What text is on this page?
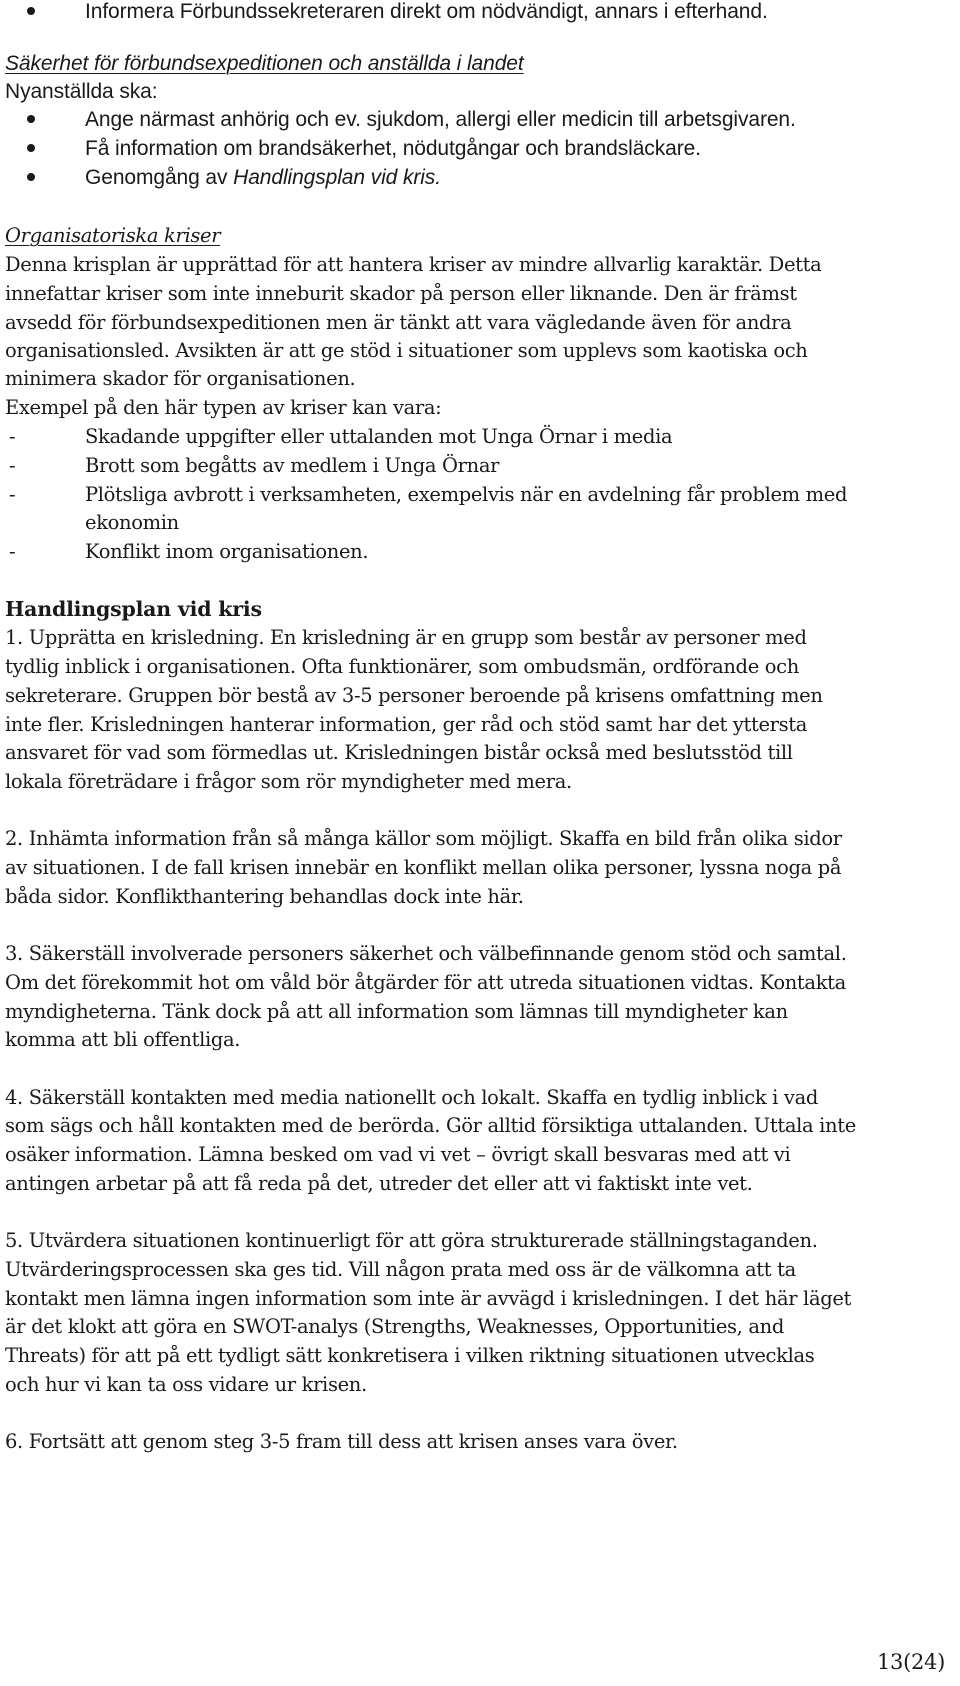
Informera Förbundssekreteraren direkt om nödvändigt, annars i efterhand.
Säkerhet för förbundsexpeditionen och anställda i landet
Nyanställda ska:
Ange närmast anhörig och ev. sjukdom, allergi eller medicin till arbetsgivaren.
Få information om brandsäkerhet, nödutgångar och brandsläckare.
Genomgång av Handlingsplan vid kris.
Organisatoriska kriser
Denna krisplan är upprättad för att hantera kriser av mindre allvarlig karaktär. Detta
innefattar kriser som inte inneburit skador på person eller liknande. Den är främst
avsedd för förbundsexpeditionen men är tänkt att vara vägledande även för andra
organisationsled. Avsikten är att ge stöd i situationer som upplevs som kaotiska och
minimera skador för organisationen.
Exempel på den här typen av kriser kan vara:
-	Skadande uppgifter eller uttalanden mot Unga Örnar i media
-	Brott som begåtts av medlem i Unga Örnar
-	Plötsliga avbrott i verksamheten, exempelvis när en avdelning får problem med
ekonomin
-	Konflikt inom organisationen.
Handlingsplan vid kris
1. Upprätta en krisledning. En krisledning är en grupp som består av personer med
tydlig inblick i organisationen. Ofta funktionärer, som ombudsmän, ordförande och
sekreterare. Gruppen bör bestå av 3-5 personer beroende på krisens omfattning men
inte fler. Krisledningen hanterar information, ger råd och stöd samt har det yttersta
ansvaret för vad som förmedlas ut. Krisledningen bistår också med beslutsstöd till
lokala företrädare i frågor som rör myndigheter med mera.
2. Inhämta information från så många källor som möjligt. Skaffa en bild från olika sidor
av situationen. I de fall krisen innebär en konflikt mellan olika personer, lyssna noga på
båda sidor. Konflikthantering behandlas dock inte här.
3. Säkerställ involverade personers säkerhet och välbefinnande genom stöd och samtal.
Om det förekommit hot om våld bör åtgärder för att utreda situationen vidtas. Kontakta
myndigheterna. Tänk dock på att all information som lämnas till myndigheter kan
komma att bli offentliga.
4. Säkerställ kontakten med media nationellt och lokalt. Skaffa en tydlig inblick i vad
som sägs och håll kontakten med de berörda. Gör alltid försiktiga uttalanden. Uttala inte
osäker information. Lämna besked om vad vi vet – övrigt skall besvaras med att vi
antingen arbetar på att få reda på det, utreder det eller att vi faktiskt inte vet.
5. Utvärdera situationen kontinuerligt för att göra strukturerade ställningstaganden.
Utvärderingsprocessen ska ges tid. Vill någon prata med oss är de välkomna att ta
kontakt men lämna ingen information som inte är avvägd i krisledningen. I det här läget
är det klokt att göra en SWOT-analys (Strengths, Weaknesses, Opportunities, and
Threats) för att på ett tydligt sätt konkretisera i vilken riktning situationen utvecklas
och hur vi kan ta oss vidare ur krisen.
6. Fortsätt att genom steg 3-5 fram till dess att krisen anses vara över.
13(24)
